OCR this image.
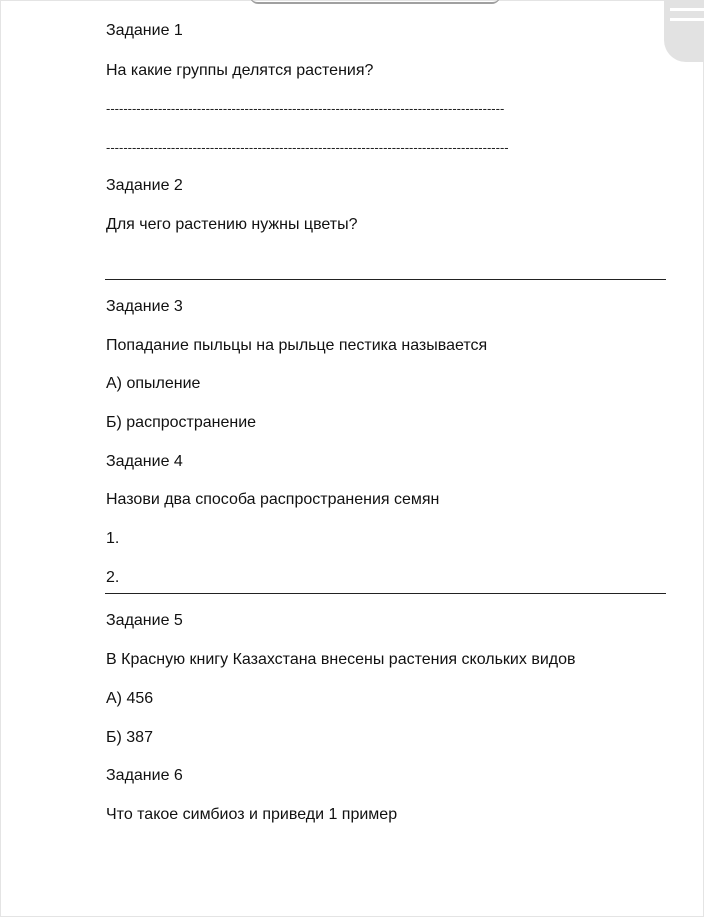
Задание 1
На какие группы делятся растения?
--------------------------------------------------------------------------------------------
---------------------------------------------------------------------------------------------
Задание 2
Для чего растению нужны цветы?
Задание 3
Попадание пыльцы на рыльце пестика называется
А) опыление
Б) распространение
Задание 4
Назови два способа распространения семян
1.
2.
Задание 5
В Красную книгу Казахстана внесены растения скольких видов
А) 456
Б) 387
Задание 6
Что такое симбиоз и приведи 1 пример
